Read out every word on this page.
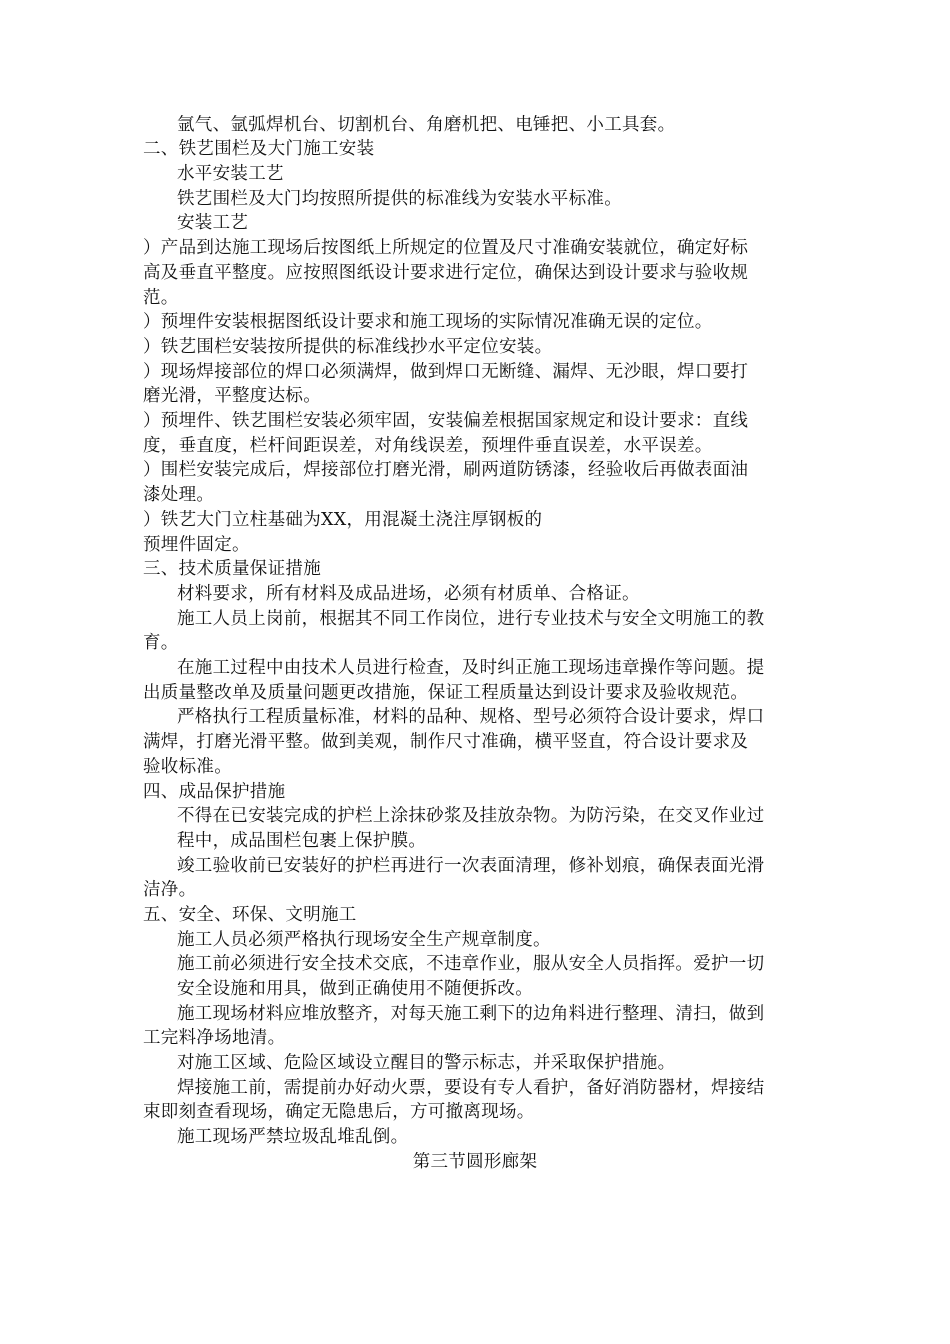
氩气、氩弧焊机台、切割机台、角磨机把、电锤把、小工具套。
二、铁艺围栏及大门施工安装
水平安装工艺
铁艺围栏及大门均按照所提供的标准线为安装水平标准。
安装工艺
）产品到达施工现场后按图纸上所规定的位置及尺寸准确安装就位，确定好标
高及垂直平整度。应按照图纸设计要求进行定位，确保达到设计要求与验收规
范。
）预埋件安装根据图纸设计要求和施工现场的实际情况准确无误的定位。
）铁艺围栏安装按所提供的标准线抄水平定位安装。
）现场焊接部位的焊口必须满焊，做到焊口无断缝、漏焊、无沙眼，焊口要打
磨光滑，平整度达标。
）预埋件、铁艺围栏安装必须牢固，安装偏差根据国家规定和设计要求：直线
度，垂直度，栏杆间距误差，对角线误差，预埋件垂直误差，水平误差。
）围栏安装完成后，焊接部位打磨光滑，刷两道防锈漆，经验收后再做表面油
漆处理。
）铁艺大门立柱基础为XX，用混凝土浇注厚钢板的
预埋件固定。
三、技术质量保证措施
材料要求，所有材料及成品进场，必须有材质单、合格证。
施工人员上岗前，根据其不同工作岗位，进行专业技术与安全文明施工的教
育。
在施工过程中由技术人员进行检查，及时纠正施工现场违章操作等问题。提
出质量整改单及质量问题更改措施，保证工程质量达到设计要求及验收规范。
严格执行工程质量标准，材料的品种、规格、型号必须符合设计要求，焊口
满焊，打磨光滑平整。做到美观，制作尺寸准确，横平竖直，符合设计要求及
验收标准。
四、成品保护措施
不得在已安装完成的护栏上涂抹砂浆及挂放杂物。为防污染，在交叉作业过
程中，成品围栏包裹上保护膜。
竣工验收前已安装好的护栏再进行一次表面清理，修补划痕，确保表面光滑
洁净。
五、安全、环保、文明施工
施工人员必须严格执行现场安全生产规章制度。
施工前必须进行安全技术交底，不违章作业，服从安全人员指挥。爱护一切
安全设施和用具，做到正确使用不随便拆改。
施工现场材料应堆放整齐，对每天施工剩下的边角料进行整理、清扫，做到
工完料净场地清。
对施工区域、危险区域设立醒目的警示标志，并采取保护措施。
焊接施工前，需提前办好动火票，要设有专人看护，备好消防器材，焊接结
束即刻查看现场，确定无隐患后，方可撤离现场。
施工现场严禁垃圾乱堆乱倒。
第三节圆形廊架
